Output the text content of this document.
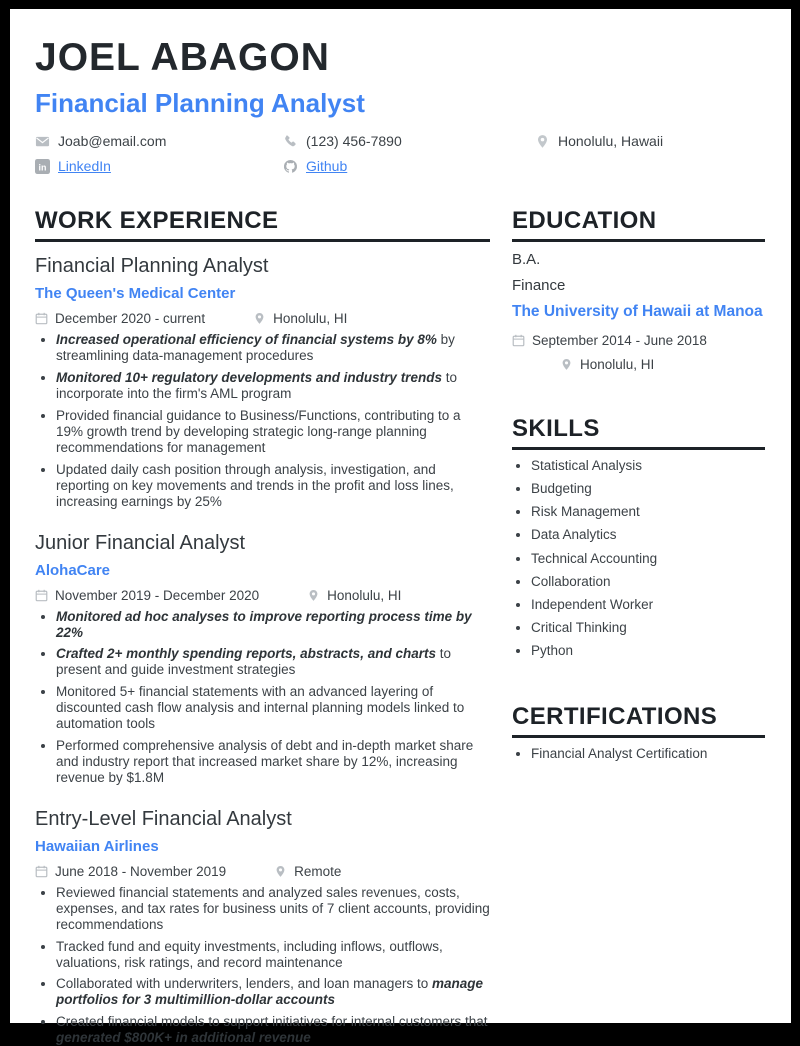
JOEL ABAGON
Financial Planning Analyst
Joab@email.com	(123) 456-7890	Honolulu, Hawaii
in LinkedIn	Github
WORK EXPERIENCE
Financial Planning Analyst
The Queen's Medical Center
December 2020 - current	Honolulu, HI
• Increased operational efficiency of financial systems by 8% by streamlining data-management procedures
• Monitored 10+ regulatory developments and industry trends to incorporate into the firm's AML program
• Provided financial guidance to Business/Functions, contributing to a 19% growth trend by developing strategic long-range planning recommendations for management
• Updated daily cash position through analysis, investigation, and reporting on key movements and trends in the profit and loss lines, increasing earnings by 25%
Junior Financial Analyst
AlohaCare
November 2019 - December 2020	Honolulu, HI
• Monitored ad hoc analyses to improve reporting process time by 22%
• Crafted 2+ monthly spending reports, abstracts, and charts to present and guide investment strategies
• Monitored 5+ financial statements with an advanced layering of discounted cash flow analysis and internal planning models linked to automation tools
• Performed comprehensive analysis of debt and in-depth market share and industry report that increased market share by 12%, increasing revenue by $1.8M
Entry-Level Financial Analyst
Hawaiian Airlines
June 2018 - November 2019	Remote
• Reviewed financial statements and analyzed sales revenues, costs, expenses, and tax rates for business units of 7 client accounts, providing recommendations
• Tracked fund and equity investments, including inflows, outflows, valuations, risk ratings, and record maintenance
• Collaborated with underwriters, lenders, and loan managers to manage portfolios for 3 multimillion-dollar accounts
• Created financial models to support initiatives for internal customers that generated $800K+ in additional revenue
EDUCATION
B.A.
Finance
The University of Hawaii at Manoa
September 2014 - June 2018
Honolulu, HI
SKILLS
• Statistical Analysis
• Budgeting
• Risk Management
• Data Analytics
• Technical Accounting
• Collaboration
• Independent Worker
• Critical Thinking
• Python
CERTIFICATIONS
• Financial Analyst Certification
